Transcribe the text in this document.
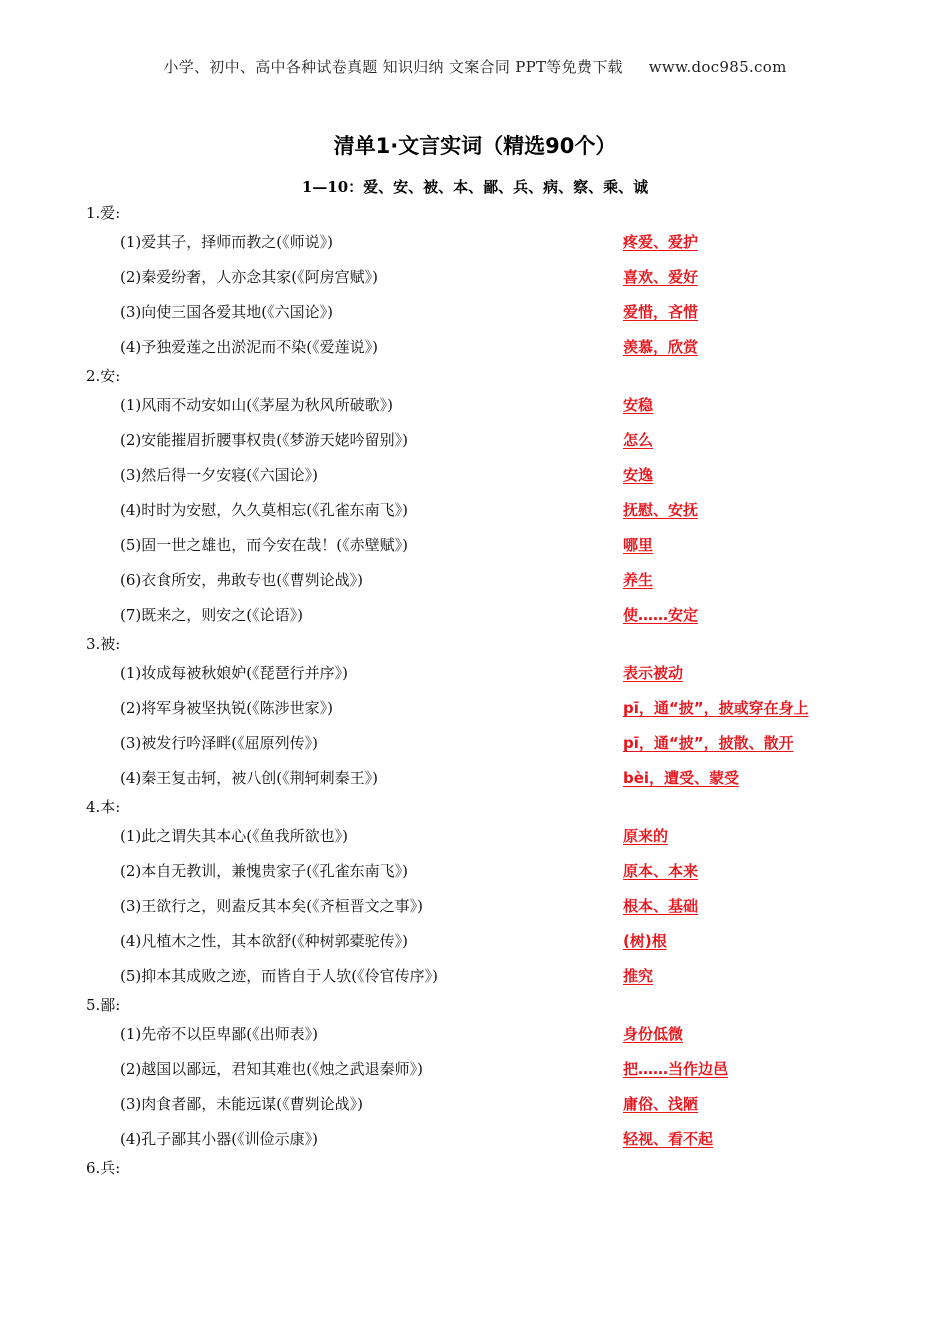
小学、初中、高中各种试卷真题 知识归纳 文案合同 PPT等免费下载 www.doc985.com
清单1·文言实词（精选90个）
1—10：爱、安、被、本、鄙、兵、病、察、乘、诚
1.爱:
(1)爱其子，择师而教之(《师说》)	疼爱、爱护
(2)秦爱纷奢，人亦念其家(《阿房宫赋》)	喜欢、爱好
(3)向使三国各爱其地(《六国论》)	爱惜，吝惜
(4)予独爱莲之出淤泥而不染(《爱莲说》)	羡慕，欣赏
2.安:
(1)风雨不动安如山(《茅屋为秋风所破歌》)	安稳
(2)安能摧眉折腰事权贵(《梦游天姥吟留别》)	怎么
(3)然后得一夕安寝(《六国论》)	安逸
(4)时时为安慰，久久莫相忘(《孔雀东南飞》)	抚慰、安抚
(5)固一世之雄也，而今安在哉！(《赤壁赋》)	哪里
(6)衣食所安，弗敢专也(《曹刿论战》)	养生
(7)既来之，则安之(《论语》)	使……安定
3.被:
(1)妆成每被秋娘妒(《琵琶行并序》)	表示被动
(2)将军身被坚执锐(《陈涉世家》)	pī，通“披”，披或穿在身上
(3)被发行吟泽畔(《屈原列传》)	pī，通“披”，披散、散开
(4)秦王复击轲，被八创(《荆轲刺秦王》)	bèi，遭受、蒙受
4.本:
(1)此之谓失其本心(《鱼我所欲也》)	原来的
(2)本自无教训，兼愧贵家子(《孔雀东南飞》)	原本、本来
(3)王欲行之，则盍反其本矣(《齐桓晋文之事》)	根本、基础
(4)凡植木之性，其本欲舒(《种树郭橐驼传》)	(树)根
(5)抑本其成败之迹，而皆自于人欤(《伶官传序》)	推究
5.鄙:
(1)先帝不以臣卑鄙(《出师表》)	身份低微
(2)越国以鄙远，君知其难也(《烛之武退秦师》)	把……当作边邑
(3)肉食者鄙，未能远谋(《曹刿论战》)	庸俗、浅陋
(4)孔子鄙其小器(《训俭示康》)	轻视、看不起
6.兵:
